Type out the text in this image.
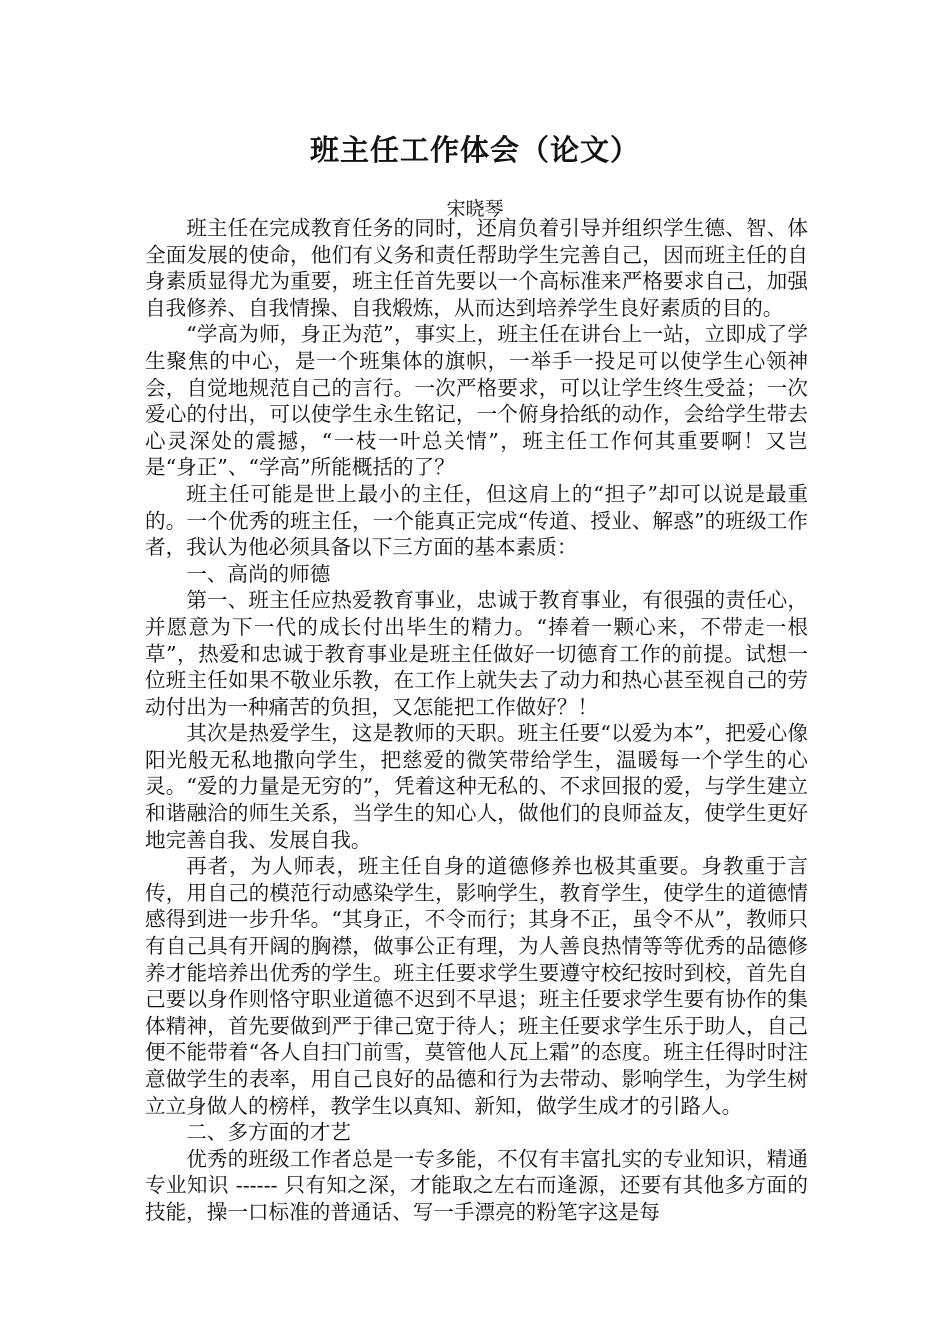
班主任工作体会（论文）
宋晓琴

班主任在完成教育任务的同时，还肩负着引导并组织学生德、智、体全面发展的使命，他们有义务和责任帮助学生完善自己，因而班主任的自身素质显得尤为重要，班主任首先要以一个高标准来严格要求自己，加强自我修养、自我情操、自我煅炼，从而达到培养学生良好素质的目的。

“学高为师，身正为范”，事实上，班主任在讲台上一站，立即成了学生聚焦的中心，是一个班集体的旗帜，一举手一投足可以使学生心领神会，自觉地规范自己的言行。一次严格要求，可以让学生终生受益；一次爱心的付出，可以使学生永生铭记，一个俯身拾纸的动作，会给学生带去心灵深处的震撼，“一枝一叶总关情”，班主任工作何其重要啊！又岂是“身正”、“学高”所能概括的了？

班主任可能是世上最小的主任，但这肩上的“担子”却可以说是最重的。一个优秀的班主任，一个能真正完成“传道、授业、解惑”的班级工作者，我认为他必须具备以下三方面的基本素质：

一、高尚的师德

第一、班主任应热爱教育事业，忠诚于教育事业，有很强的责任心，并愿意为下一代的成长付出毕生的精力。“捧着一颗心来，不带走一根草”，热爱和忠诚于教育事业是班主任做好一切德育工作的前提。试想一位班主任如果不敬业乐教，在工作上就失去了动力和热心甚至视自己的劳动付出为一种痛苦的负担，又怎能把工作做好？！

其次是热爱学生，这是教师的天职。班主任要“以爱为本”，把爱心像阳光般无私地撒向学生，把慈爱的微笑带给学生，温暖每一个学生的心灵。“爱的力量是无穷的”，凭着这种无私的、不求回报的爱，与学生建立和谐融洽的师生关系，当学生的知心人，做他们的良师益友，使学生更好地完善自我、发展自我。

再者，为人师表，班主任自身的道德修养也极其重要。身教重于言传，用自己的模范行动感染学生，影响学生，教育学生，使学生的道德情感得到进一步升华。“其身正，不令而行；其身不正，虽令不从”，教师只有自己具有开阔的胸襟，做事公正有理，为人善良热情等等优秀的品德修养才能培养出优秀的学生。班主任要求学生要遵守校纪按时到校，首先自己要以身作则恪守职业道德不迟到不早退；班主任要求学生要有协作的集体精神，首先要做到严于律己宽于待人；班主任要求学生乐于助人，自己便不能带着“各人自扫门前雪，莫管他人瓦上霜”的态度。班主任得时时注意做学生的表率，用自己良好的品德和行为去带动、影响学生，为学生树立立身做人的榜样，教学生以真知、新知，做学生成才的引路人。

二、多方面的才艺

优秀的班级工作者总是一专多能，不仅有丰富扎实的专业知识，精通专业知识 ------ 只有知之深，才能取之左右而逢源，还要有其他多方面的技能，操一口标准的普通话、写一手漂亮的粉笔字这是每
